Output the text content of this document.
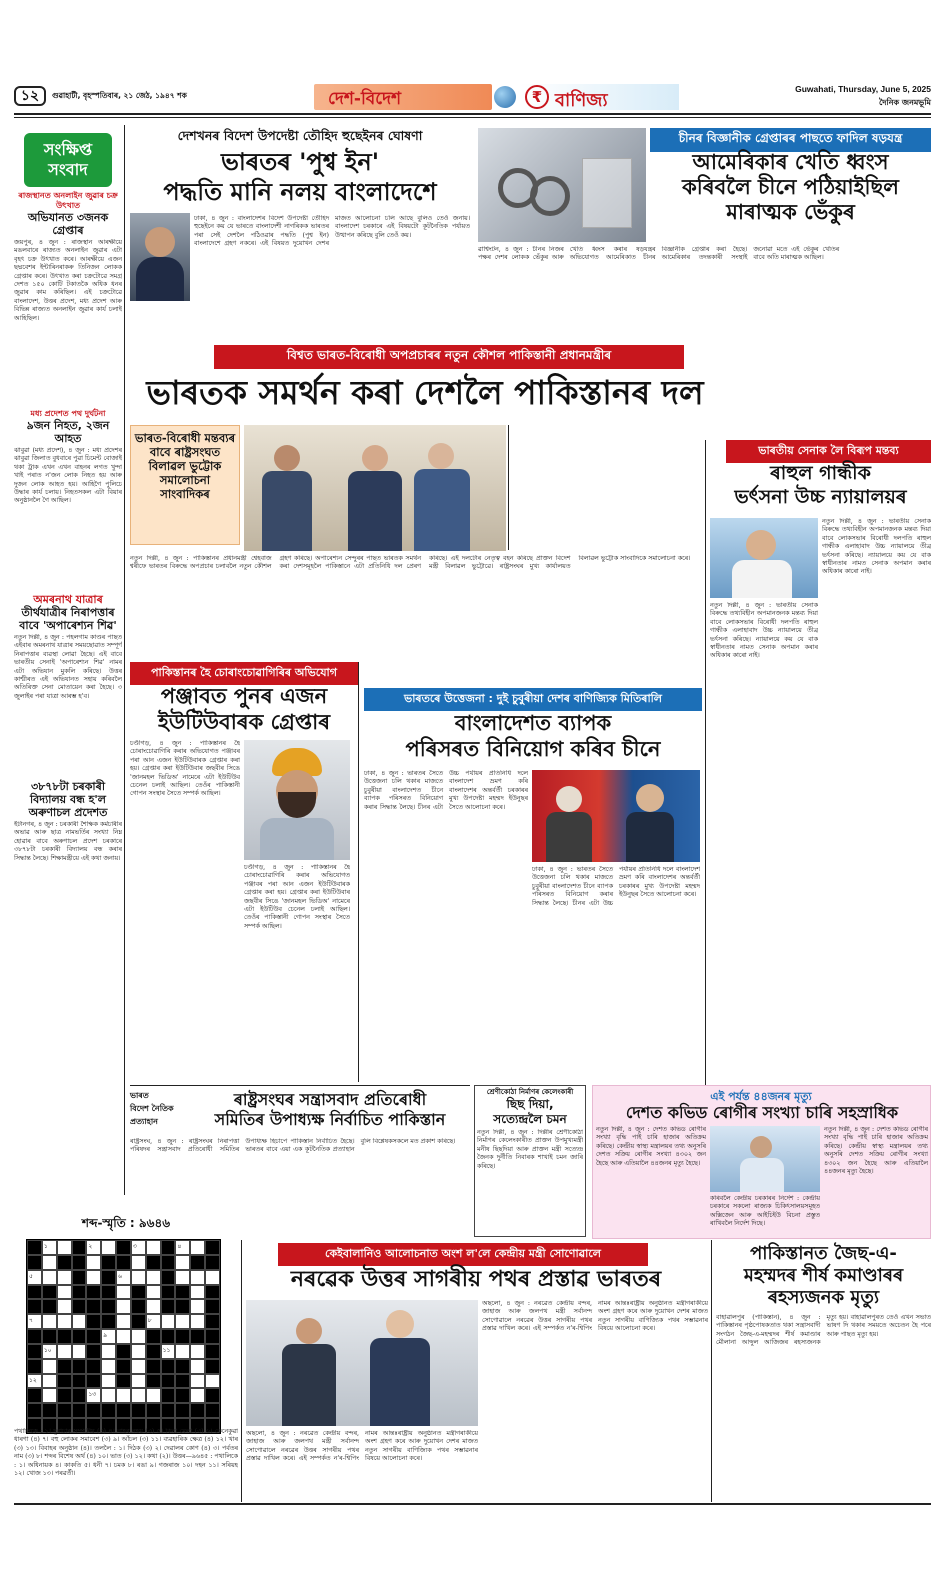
১২	গুৱাহাটী, বৃহস্পতিবাৰ, ২১ জেঠ, ১৯৪৭ শক	দেশ-বিদেশ	₹ বাণিজ্য
Guwahati, Thursday, June 5, 2025
দৈনিক জনমভূমি
সংক্ষিপ্ত
সংবাদ
ৰাজস্থানত অনলাইন জুৱাৰ চক্ৰ উৎখাত
অভিযানত ৩জনক গ্ৰেপ্তাৰ
জয়পুৰ, ৪ জুন : ৰাজস্থান আৰক্ষীয়ে মঙলবাৰে ৰাজ্যত অনলাইন জুৱাৰ এটা বৃহৎ চক্ৰ উৎখাত কৰে। আৰক্ষীয়ে এজন ছদ্মবেশৰ ইন্টাৰিনৰাকৰু তিনিজন লোকক গ্ৰেপ্তাৰ কৰে। উৎখাত কৰা চক্ৰটোৱে সমগ্ৰ দেশত ১৫০ কোটি টকাতকৈ অধিক ধনৰ জুৱাৰ কাম কৰিছিল। এই চক্ৰটোৱে বাংলাদেশ, উত্তৰ প্ৰদেশ, মধ্য প্ৰদেশ আৰু বিভিন্ন ৰাজ্যত অনলাইন জুৱাৰ কাৰ্য চলাই আহিছিল।
মধ্য প্ৰদেশত পথ দুৰ্ঘটনা
৯জন নিহত, ২জন আহত
ঝাবুৱা (মধ্য প্ৰদেশ), ৪ জুন : মধ্য প্ৰদেশৰ ঝাবুৱা জিলাত বুধবাৰে পুৱা চিমেন্ট বোজাই থকা ট্ৰাক এখন এখন বাহনৰ লগত খুন্দা খাই পৰাত ন'জন লোক নিহত হয় আৰু দুজন লোক আহত হয়। আহিগৈ পুলিচে উদ্ধাৰ কাৰ্য চলায়। নিহতসকল এটা বিয়াৰ অনুষ্ঠানলৈ গৈ আছিল।
অমৰনাথ যাত্ৰাৰ
তীৰ্থযাত্ৰীৰ নিৰাপত্তাৰ বাবে 'অপাৰেশ্যন শিৱ'
নতুন দিল্লী, ৪ জুন : পহলগাম কাণ্ডৰ পাছত এইবাৰ অমৰনাথ যাত্ৰাৰ সময়ছোৱাত সম্পূৰ্ণ নিৰাপত্তাৰ ব্যৱস্থা লোৱা হৈছে। এই বাবে ভাৰতীয় সেনাই 'অপাৰেশ্যন শিৱ' নামৰ এটা অভিযান মুকলি কৰিছে। উত্তৰ কাশ্মীৰত এই অভিযানত সহায় কৰিবলৈ অতিৰিক্ত সেনা মোতায়েন কৰা হৈছে। ৩ জুলাইৰ পৰা যাত্ৰা আৰম্ভ হ'ব।
৩৮৭৮টা চৰকাৰী বিদ্যালয় বন্ধ হ'ল অৰুণাচল প্ৰদেশত
ইটানগৰ, ৪ জুন : চৰকাৰী শৈক্ষিক কৰ্মচাৰীৰ অভাৱ আৰু ছাত্ৰ নামভৰ্তিৰ সংখ্যা নিম্ন হোৱাৰ বাবে অৰুণাচল প্ৰদেশ চৰকাৰে ৩৮৭৮টা চৰকাৰী বিদ্যালয় বন্ধ কৰাৰ সিদ্ধান্ত লৈছে। শিক্ষামন্ত্ৰীয়ে এই কথা জনায়।
দেশখনৰ বিদেশ উপদেষ্টা তৌহিদ হুছেইনৰ ঘোষণা
ভাৰতৰ 'পুশ্ব ইন'
পদ্ধতি মানি নলয় বাংলাদেশে
ঢাকা, ৪ জুন : বাংলাদেশৰ বিদেশ উপদেষ্টা তৌহিদ হুছেইনে কয় যে ভাৰতে বাংলাদেশী নাগৰিকক ভাৰতৰ পৰা সেই দেশলৈ পঠিওৱাৰ পদ্ধতি (পুশ্ব ইন) বাংলাদেশে গ্ৰহণ নকৰে। এই বিষয়ত দুয়োখন দেশৰ মাজত আলোচনা চলি আছে বুলিও তেওঁ জনায়। বাংলাদেশ চৰকাৰে এই বিষয়টো কূটনৈতিক পৰ্যায়ত উত্থাপন কৰিছে বুলি তেওঁ কয়।
চীনৰ বিজ্ঞানীক গ্ৰেপ্তাৰৰ পাছতে ফাদিল ষড়যন্ত্ৰ
আমেৰিকাৰ খেতি ধ্বংস
কৰিবলৈ চীনে পঠিয়াইছিল
মাৰাত্মক ভেঁকুৰ
ৱাশ্বিংটন, ৪ জুন : চীনৰ নিজৰ পক্ষৰ দেশৰ লোকক ভেঁকুৰ আৰু খেতি ধ্বংস কৰাৰ ষড়যন্ত্ৰৰ অভিযোগত আমেৰিকাত চীনৰ বিজ্ঞানীক গ্ৰেপ্তাৰ কৰা হৈছে। আমেৰিকাৰ তদন্তকাৰী সংস্থাই জনোৱা মতে এই ভেঁকুৰ খেতিৰ বাবে অতি মাৰাত্মক আছিল।
বিশ্বত ভাৰত-বিৰোধী অপপ্ৰচাৰৰ নতুন কৌশল পাকিস্তানী প্ৰধানমন্ত্ৰীৰ
ভাৰতক সমৰ্থন কৰা দেশলৈ পাকিস্তানৰ দল
ভাৰত-বিৰোধী মন্তব্যৰ বাবে ৰাষ্ট্ৰসংঘত বিলাৱল ভুট্টোক সমালোচনা সাংবাদিকৰ
নতুন দিল্লী, ৪ জুন : পাকিস্তানৰ প্ৰধানমন্ত্ৰী শ্বেহবাজ শ্বৰীফে ভাৰতৰ বিৰুদ্ধে অপপ্ৰচাৰ চলাবলৈ নতুন কৌশল গ্ৰহণ কৰিছে। অপাৰেশ্যন সেন্দুৰৰ পাছত ভাৰতক সমৰ্থন কৰা দেশসমূহলৈ পাকিস্তানে এটা প্ৰতিনিধি দল প্ৰেৰণ কৰিছে। এই দলটোৰ নেতৃত্ব বহন কৰিছে প্ৰাক্তন বিদেশ মন্ত্ৰী বিলাৱল ভুট্টোৱে। ৰাষ্ট্ৰসংঘৰ মুখ্য কাৰ্যালয়ত বিলাৱল ভুট্টোক সাংবাদিকে সমালোচনা কৰে।
ভাৰতীয় সেনাক লৈ বিৰূপ মন্তব্য
ৰাহুল গান্ধীক
ভৰ্ৎসনা উচ্চ ন্যায়ালয়ৰ
নতুন দিল্লী, ৪ জুন : ভাৰতীয় সেনাক বিৰুদ্ধে তথ্যবিহীন অপমানজনক মন্তব্য দিয়া বাবে লোকসভাৰ বিৰোধী দলপতি ৰাহুল গান্ধীক এলাহাবাদ উচ্চ ন্যায়ালয়ে তীব্ৰ ভৰ্ৎসনা কৰিছে। ন্যায়ালয়ে কয় যে বাক স্বাধীনতাৰ নামত সেনাক অপমান কৰাৰ অধিকাৰ কাৰো নাই।
নতুন দিল্লী, ৪ জুন : ভাৰতীয় সেনাক বিৰুদ্ধে তথ্যবিহীন অপমানজনক মন্তব্য দিয়া বাবে লোকসভাৰ বিৰোধী দলপতি ৰাহুল গান্ধীক এলাহাবাদ উচ্চ ন্যায়ালয়ে তীব্ৰ ভৰ্ৎসনা কৰিছে। ন্যায়ালয়ে কয় যে বাক স্বাধীনতাৰ নামত সেনাক অপমান কৰাৰ অধিকাৰ কাৰো নাই।
পাকিস্তানৰ হৈ চোৰাংচোৱাগিৰিৰ অভিযোগ
পঞ্জাবত পুনৰ এজন
ইউটিউবাৰক গ্ৰেপ্তাৰ
চণ্ডীগড়, ৪ জুন : পাকিস্তানৰ হৈ চোৰাংচোৱাগিৰি কৰাৰ অভিযোগত পঞ্জাবৰ পৰা আন এজন ইউটিউবাৰক গ্ৰেপ্তাৰ কৰা হয়। গ্ৰেপ্তাৰ কৰা ইউটিউবাৰ জছবীৰ সিঙে 'জানমহল ভিডিঅ' নামেৰে এটা ইউটিউব চেনেল চলাই আছিল। তেওঁৰ পাকিস্তানী গোপন সংস্থাৰ সৈতে সম্পৰ্ক আছিল।
চণ্ডীগড়, ৪ জুন : পাকিস্তানৰ হৈ চোৰাংচোৱাগিৰি কৰাৰ অভিযোগত পঞ্জাবৰ পৰা আন এজন ইউটিউবাৰক গ্ৰেপ্তাৰ কৰা হয়। গ্ৰেপ্তাৰ কৰা ইউটিউবাৰ জছবীৰ সিঙে 'জানমহল ভিডিঅ' নামেৰে এটা ইউটিউব চেনেল চলাই আছিল। তেওঁৰ পাকিস্তানী গোপন সংস্থাৰ সৈতে সম্পৰ্ক আছিল।
ভাৰতৰে উত্তেজনা : দুই চুবুৰীয়া দেশৰ বাণিজ্যিক মিতিৰালি
বাংলাদেশত ব্যাপক
পৰিসৰত বিনিয়োগ কৰিব চীনে
ঢাকা, ৪ জুন : ভাৰতৰ সৈতে উত্তেজনা চলি থকাৰ মাজতে চুবুৰীয়া বাংলাদেশত চীনে ব্যাপক পৰিসৰত বিনিয়োগ কৰাৰ সিদ্ধান্ত লৈছে। চীনৰ এটা উচ্চ পৰ্যায়ৰ প্ৰতিনিধি দলে বাংলাদেশ ভ্ৰমণ কৰি বাংলাদেশৰ অন্তৰ্বৰ্তী চৰকাৰৰ মুখ্য উপদেষ্টা মহম্মদ ইউনুছৰ সৈতে আলোচনা কৰে।
ঢাকা, ৪ জুন : ভাৰতৰ সৈতে উত্তেজনা চলি থকাৰ মাজতে চুবুৰীয়া বাংলাদেশত চীনে ব্যাপক পৰিসৰত বিনিয়োগ কৰাৰ সিদ্ধান্ত লৈছে। চীনৰ এটা উচ্চ পৰ্যায়ৰ প্ৰতিনিধি দলে বাংলাদেশ ভ্ৰমণ কৰি বাংলাদেশৰ অন্তৰ্বৰ্তী চৰকাৰৰ মুখ্য উপদেষ্টা মহম্মদ ইউনুছৰ সৈতে আলোচনা কৰে।
ভাৰত
বিদেশ নৈতিক
প্ৰত্যাহান
ৰাষ্ট্ৰসংঘৰ সন্ত্ৰাসবাদ প্ৰতিৰোধী
সমিতিৰ উপাধ্যক্ষ নিৰ্বাচিত পাকিস্তান
ৰাষ্ট্ৰসংঘ, ৪ জুন : ৰাষ্ট্ৰসংঘৰ নিৰাপত্তা পৰিষদৰ সন্ত্ৰাসবাদ প্ৰতিৰোধী সমিতিৰ উপাধ্যক্ষ হিচাপে পাকিস্তান নিৰ্বাচিত হৈছে। ভাৰতৰ বাবে এয়া এক কূটনৈতিক প্ৰত্যাহান বুলি বিশ্লেষকসকলে মত প্ৰকাশ কৰিছে।
শ্ৰেণীকোঠা নিৰ্মাণৰ কেলেংকাৰী
ছিছ দিয়া,
সত্যেন্দ্ৰলৈ চমন
নতুন দিল্লী, ৪ জুন : দিল্লীৰ শ্ৰেণীকোঠা নিৰ্মাণৰ কেলেংকাৰীত প্ৰাক্তন উপমুখ্যমন্ত্ৰী মনীষ ছিছদিয়া আৰু প্ৰাক্তন মন্ত্ৰী সত্যেন্দ্ৰ জৈনক দুৰ্নীতি নিবাৰক শাখাই চমন জাৰি কৰিছে।
এই পৰ্যন্ত ৪৪জনৰ মৃত্যু
দেশত কভিড ৰোগীৰ সংখ্যা চাৰি সহস্ৰাধিক
নতুন দিল্লী, ৪ জুন : দেশত কভিড ৰোগীৰ সংখ্যা বৃদ্ধি পাই চাৰি হাজাৰ অতিক্ৰম কৰিছে। কেন্দ্ৰীয় স্বাস্থ্য মন্ত্ৰালয়ৰ তথ্য অনুসৰি দেশত সক্ৰিয় ৰোগীৰ সংখ্যা ৪৩০২ জন হৈছে আৰু এতিয়ালৈ ৪৪জনৰ মৃত্যু হৈছে।
কৰিবলৈ কেন্দ্ৰীয় চৰকাৰৰ নিৰ্দেশ : কেন্দ্ৰীয় চৰকাৰে সকলো ৰাজ্যক চিকিৎসালয়সমূহত অক্সিজেন আৰু আইচিইউ বিচনা প্ৰস্তুত ৰাখিবলৈ নিৰ্দেশ দিছে।
নতুন দিল্লী, ৪ জুন : দেশত কভিড ৰোগীৰ সংখ্যা বৃদ্ধি পাই চাৰি হাজাৰ অতিক্ৰম কৰিছে। কেন্দ্ৰীয় স্বাস্থ্য মন্ত্ৰালয়ৰ তথ্য অনুসৰি দেশত সক্ৰিয় ৰোগীৰ সংখ্যা ৪৩০২ জন হৈছে আৰু এতিয়ালৈ ৪৪জনৰ মৃত্যু হৈছে।
শব্দ-স্মৃতি : ৯৬৪৬
১	২	৩	৪
৫	৬
৭	৮
৯
১০	১১
১২
১৩
পথালিকে : ১। দুৰাচাৰ সম্পৰ্কীয় (৩) ৪। নাহৰ নহয় (৩) ৫। কিনা মেলা (৩) ৬। কেনেকুৱা ধাৰণা (৪) ৭। বহু লোকৰ সমাবেশ (৩) ৯। আঁচল (৩) ১১। ব্যৱহাৰিক ক্ষেত্ৰ (৪) ১২। খাৰ (৩) ১৩। বিবাহৰ অনুষ্ঠান (৪)। তললৈ : ১। দিঠক (৩) ২। দেৱালৰ কোণ (৪) ৩। পৰ্বতৰ নাম (৩) ৮। শব্দৰ বিশেষ অৰ্থ (৪) ১০। ভাত (৩) ১২। কথা (২)। উত্তৰ—৯৬৪৫ : পথালিকে : ১। অধিনায়ক ৪। কাকতি ৫। ধনী ৭। চমক ৮। ৰঙা ৯। গজৰাজ ১০। দহন ১১। সৰিয়হ ১২। খোজ ১৩। পৰৱৰ্তী।
কেইবালানিও আলোচনাত অংশ ল'লে কেন্দ্ৰীয় মন্ত্ৰী সোণোৱালে
নৰৱেক উত্তৰ সাগৰীয় পথৰ প্ৰস্তাৱ ভাৰতৰ
অছলো, ৪ জুন : নৰৱেত কেন্দ্ৰীয় বন্দৰ, জাহাজ আৰু জলপথ মন্ত্ৰী সৰ্বানন্দ সোণোৱালে নৰৱেৰ উত্তৰ সাগৰীয় পথৰ প্ৰস্তাৱ দাখিল কৰে। এই সম্পৰ্কত ন'ৰ-শ্বিপিং নামৰ আন্তঃৰাষ্ট্ৰীয় অনুষ্ঠানত মন্ত্ৰীগৰাকীয়ে অংশ গ্ৰহণ কৰে আৰু দুয়োখন দেশৰ মাজত নতুন সাগৰীয় বাণিজ্যিক পথৰ সম্ভাৱনাৰ বিষয়ে আলোচনা কৰে।
অছলো, ৪ জুন : নৰৱেত কেন্দ্ৰীয় বন্দৰ, জাহাজ আৰু জলপথ মন্ত্ৰী সৰ্বানন্দ সোণোৱালে নৰৱেৰ উত্তৰ সাগৰীয় পথৰ প্ৰস্তাৱ দাখিল কৰে। এই সম্পৰ্কত ন'ৰ-শ্বিপিং নামৰ আন্তঃৰাষ্ট্ৰীয় অনুষ্ঠানত মন্ত্ৰীগৰাকীয়ে অংশ গ্ৰহণ কৰে আৰু দুয়োখন দেশৰ মাজত নতুন সাগৰীয় বাণিজ্যিক পথৰ সম্ভাৱনাৰ বিষয়ে আলোচনা কৰে।
পাকিস্তানত জৈছ-এ-
মহম্মদৰ শীৰ্ষ কমাণ্ডাৰৰ
ৰহস্যজনক মৃত্যু
বাহাৱালপুৰ (পাকিস্তান), ৪ জুন : পাকিস্তানৰ পৃষ্ঠপোষকতাত থকা সন্ত্ৰাসবাদী সংগঠন জৈছ-এ-মহম্মদৰ শীৰ্ষ কমাণ্ডাৰ মৌলানা আব্দুল আজিজৰ ৰহস্যজনক মৃত্যু হয়। বাহাৱালপুৰত তেওঁ এখন সভাত ভাষণ দি থকাৰ সময়তে অচেতন হৈ পৰে আৰু পাছত মৃত্যু হয়।
